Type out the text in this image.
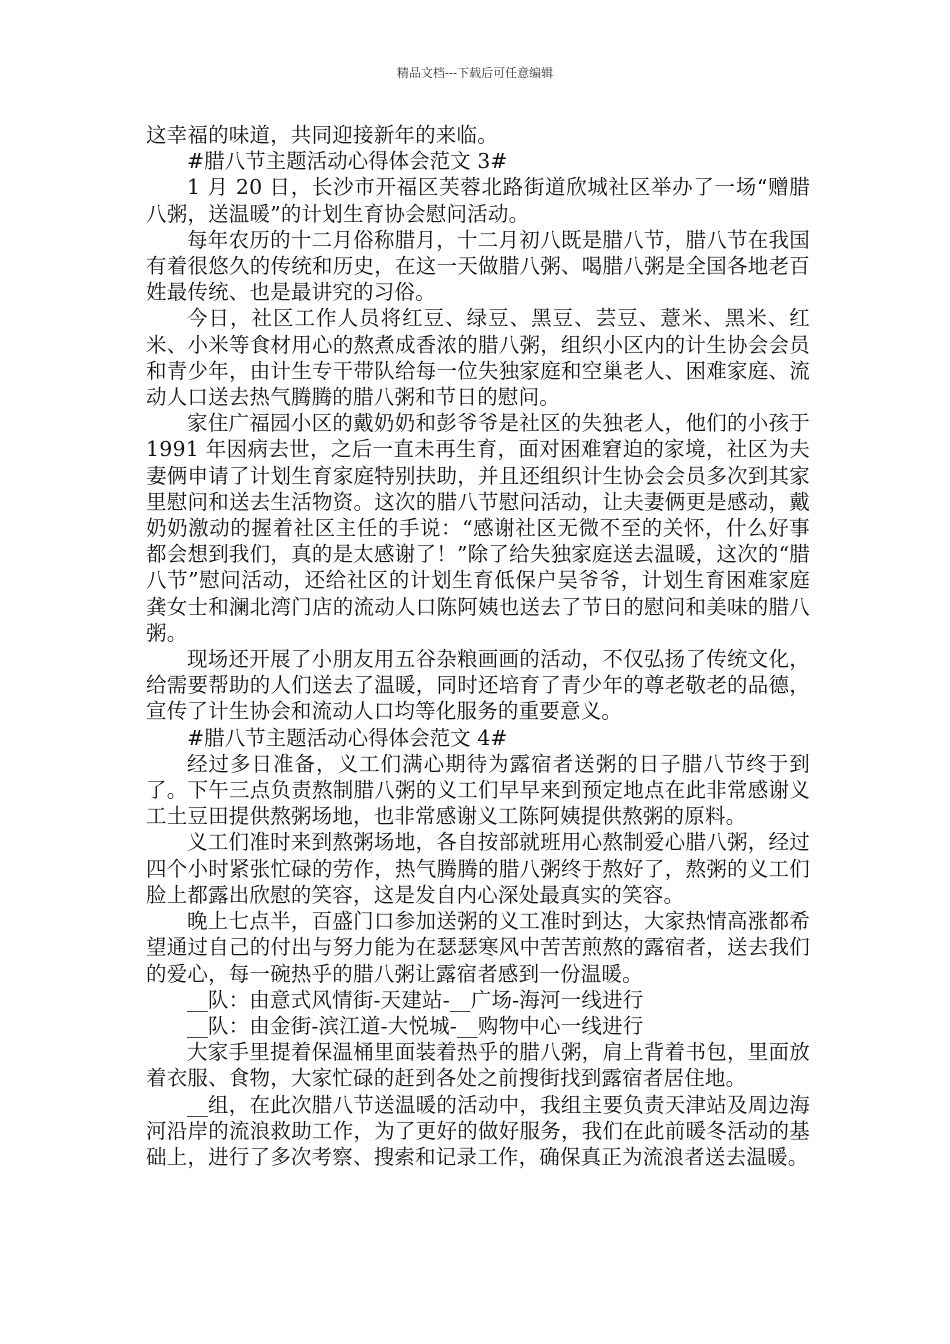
精品文档---下载后可任意编辑

这幸福的味道，共同迎接新年的来临。

#腊八节主题活动心得体会范文 3#

1 月 20 日，长沙市开福区芙蓉北路街道欣城社区举办了一场“赠腊八粥，送温暖”的计划生育协会慰问活动。

每年农历的十二月俗称腊月，十二月初八既是腊八节，腊八节在我国有着很悠久的传统和历史，在这一天做腊八粥、喝腊八粥是全国各地老百姓最传统、也是最讲究的习俗。

今日，社区工作人员将红豆、绿豆、黑豆、芸豆、薏米、黑米、红米、小米等食材用心的熬煮成香浓的腊八粥，组织小区内的计生协会会员和青少年，由计生专干带队给每一位失独家庭和空巢老人、困难家庭、流动人口送去热气腾腾的腊八粥和节日的慰问。

家住广福园小区的戴奶奶和彭爷爷是社区的失独老人，他们的小孩于 1991 年因病去世，之后一直未再生育，面对困难窘迫的家境，社区为夫妻俩申请了计划生育家庭特别扶助，并且还组织计生协会会员多次到其家里慰问和送去生活物资。这次的腊八节慰问活动，让夫妻俩更是感动，戴奶奶激动的握着社区主任的手说：“感谢社区无微不至的关怀，什么好事都会想到我们，真的是太感谢了！”除了给失独家庭送去温暖，这次的“腊八节”慰问活动，还给社区的计划生育低保户吴爷爷，计划生育困难家庭龚女士和澜北湾门店的流动人口陈阿姨也送去了节日的慰问和美味的腊八粥。

现场还开展了小朋友用五谷杂粮画画的活动，不仅弘扬了传统文化，给需要帮助的人们送去了温暖，同时还培育了青少年的尊老敬老的品德，宣传了计生协会和流动人口均等化服务的重要意义。

#腊八节主题活动心得体会范文 4#

经过多日准备，义工们满心期待为露宿者送粥的日子腊八节终于到了。下午三点负责熬制腊八粥的义工们早早来到预定地点在此非常感谢义工土豆田提供熬粥场地，也非常感谢义工陈阿姨提供熬粥的原料。

义工们准时来到熬粥场地，各自按部就班用心熬制爱心腊八粥，经过四个小时紧张忙碌的劳作，热气腾腾的腊八粥终于熬好了，熬粥的义工们脸上都露出欣慰的笑容，这是发自内心深处最真实的笑容。

晚上七点半，百盛门口参加送粥的义工准时到达，大家热情高涨都希望通过自己的付出与努力能为在瑟瑟寒风中苦苦煎熬的露宿者，送去我们的爱心，每一碗热乎的腊八粥让露宿者感到一份温暖。

__队：由意式风情街-天建站-__广场-海河一线进行

__队：由金街-滨江道-大悦城-__购物中心一线进行

大家手里提着保温桶里面装着热乎的腊八粥，肩上背着书包，里面放着衣服、食物，大家忙碌的赶到各处之前搜街找到露宿者居住地。

__组，在此次腊八节送温暖的活动中，我组主要负责天津站及周边海河沿岸的流浪救助工作，为了更好的做好服务，我们在此前暖冬活动的基础上，进行了多次考察、搜索和记录工作，确保真正为流浪者送去温暖。
